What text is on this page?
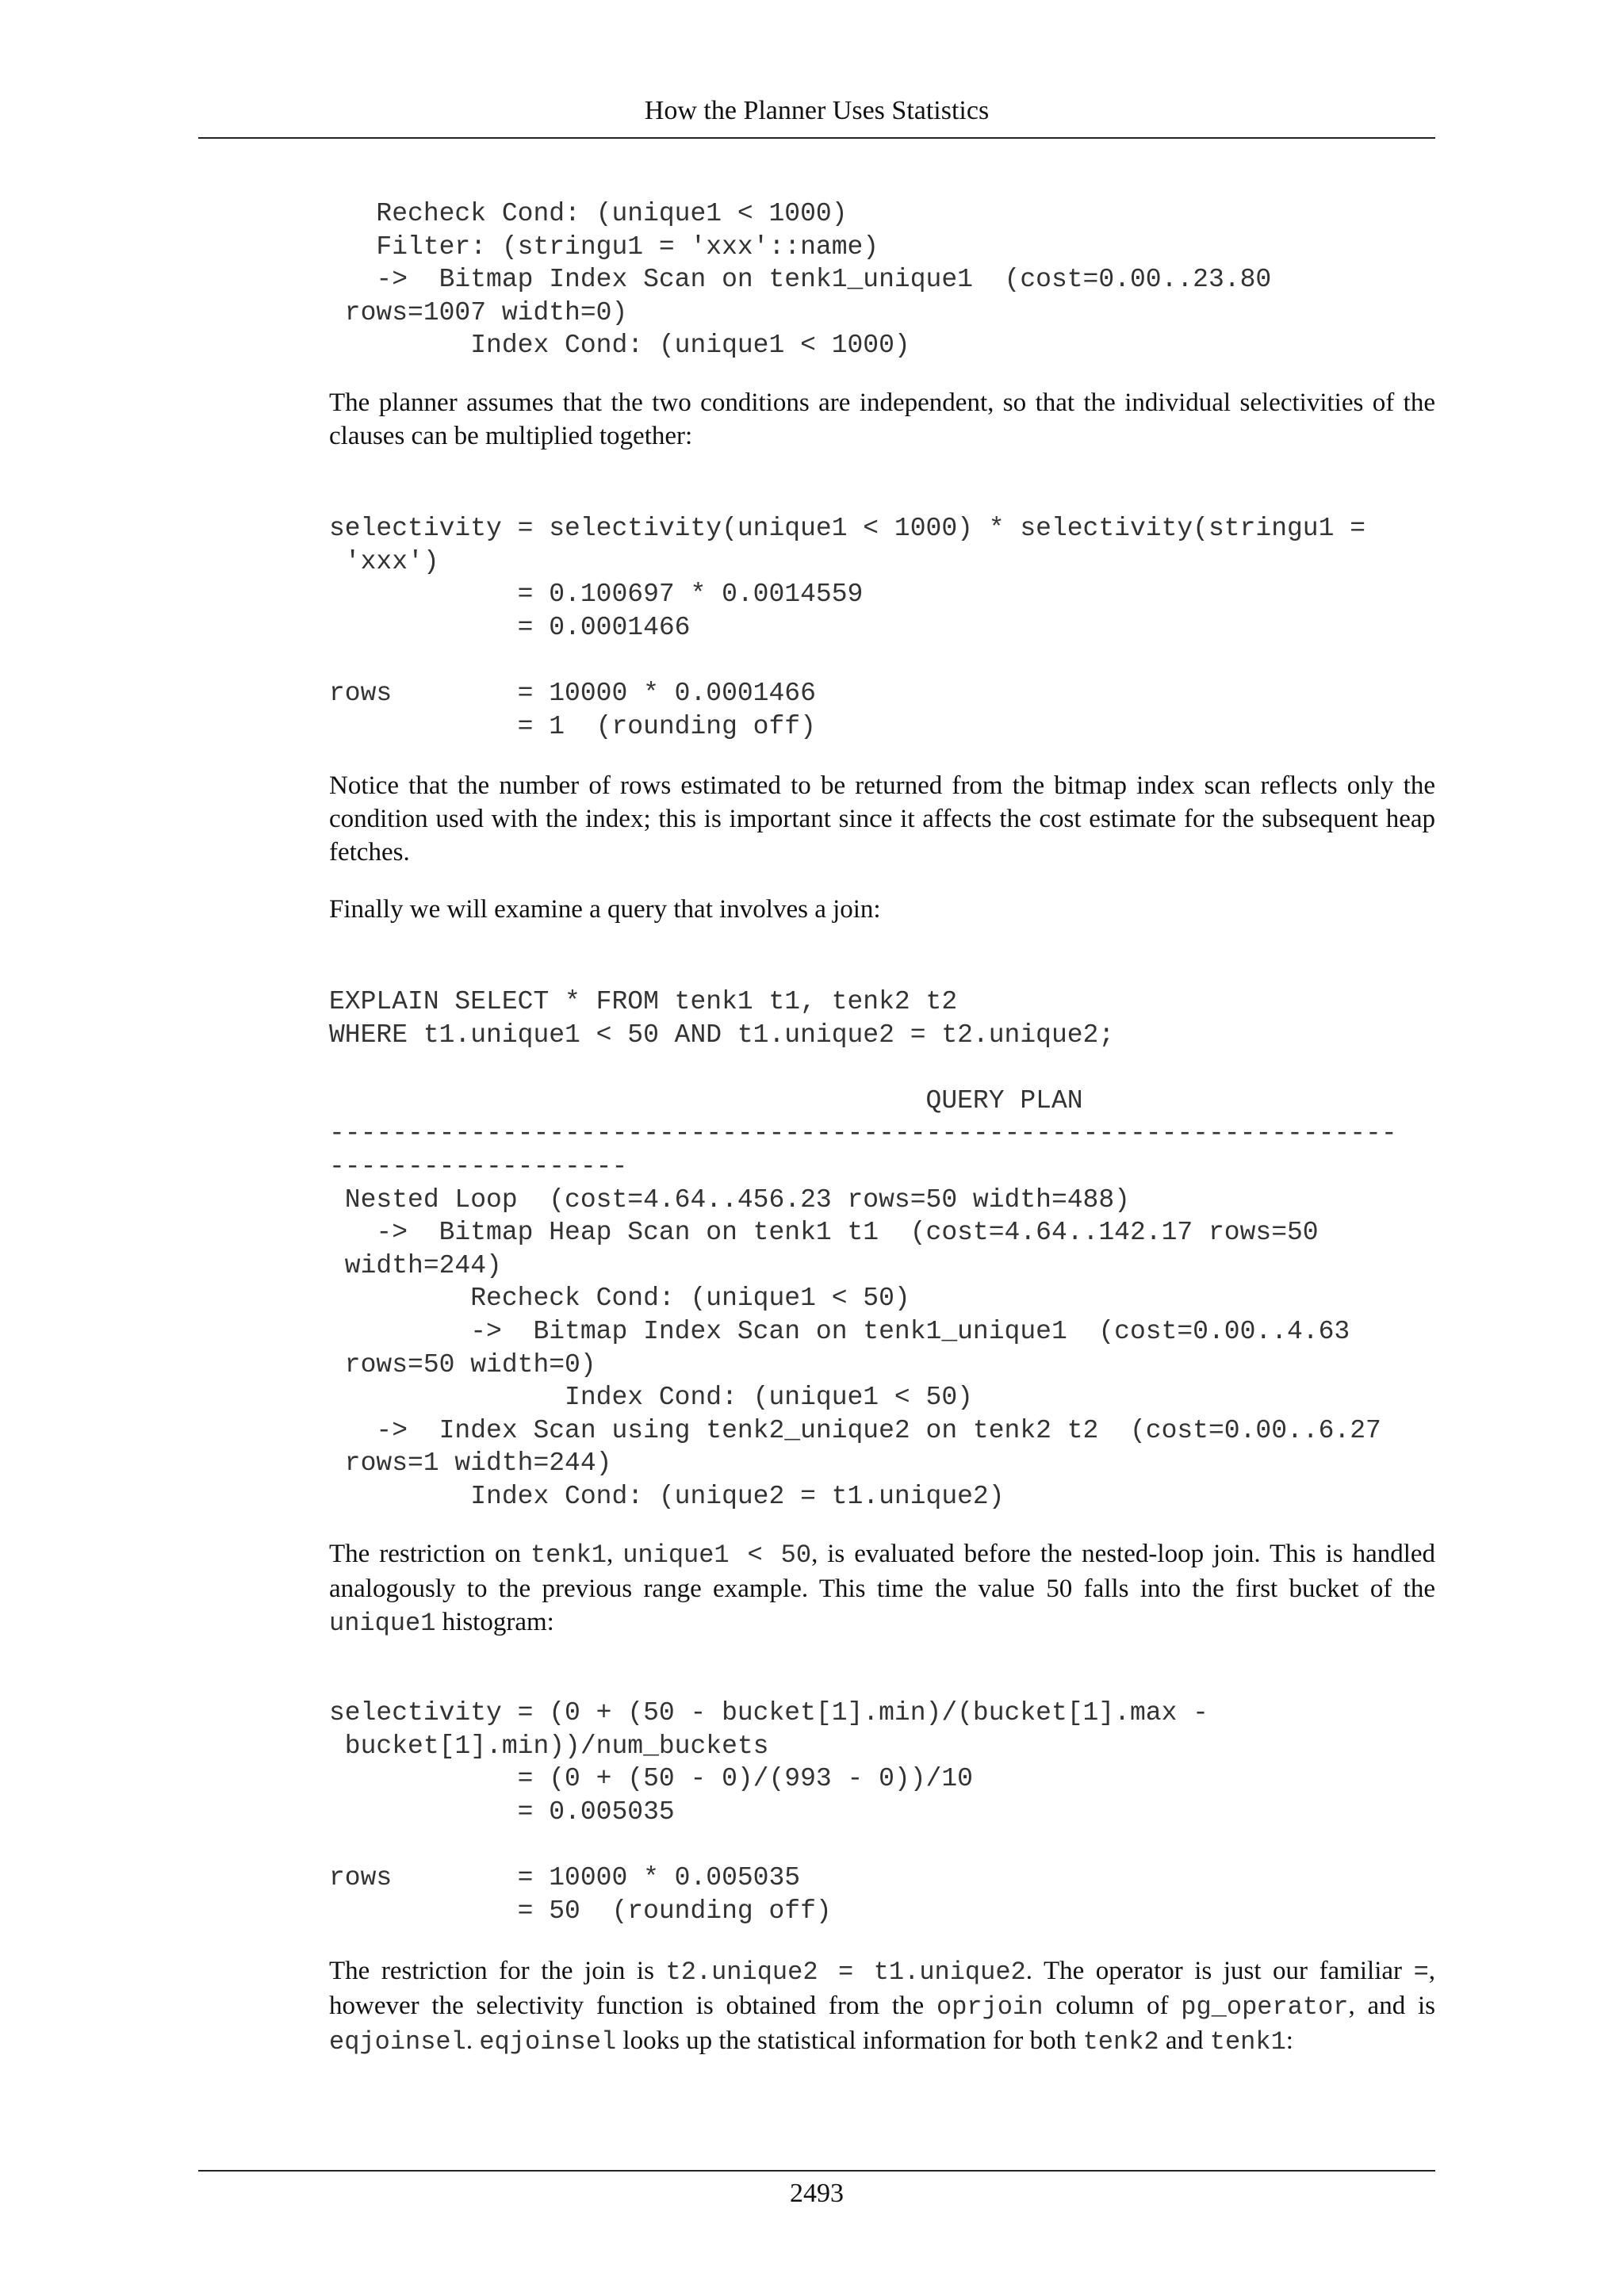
How the Planner Uses Statistics
Recheck Cond: (unique1 < 1000)
Filter: (stringu1 = 'xxx'::name)
->  Bitmap Index Scan on tenk1_unique1  (cost=0.00..23.80
rows=1007 width=0)
Index Cond: (unique1 < 1000)

The planner assumes that the two conditions are independent, so that the individual selectivities of the clauses can be multiplied together:

selectivity = selectivity(unique1 < 1000) * selectivity(stringu1 =
'xxx')
= 0.100697 * 0.0014559
= 0.0001466

rows        = 10000 * 0.0001466
= 1  (rounding off)

Notice that the number of rows estimated to be returned from the bitmap index scan reflects only the condition used with the index; this is important since it affects the cost estimate for the subsequent heap fetches.

Finally we will examine a query that involves a join:

EXPLAIN SELECT * FROM tenk1 t1, tenk2 t2
WHERE t1.unique1 < 50 AND t1.unique2 = t2.unique2;

QUERY PLAN
--------------------------------------------------------------------
-------------------
Nested Loop  (cost=4.64..456.23 rows=50 width=488)
->  Bitmap Heap Scan on tenk1 t1  (cost=4.64..142.17 rows=50
width=244)
Recheck Cond: (unique1 < 50)
->  Bitmap Index Scan on tenk1_unique1  (cost=0.00..4.63
rows=50 width=0)
Index Cond: (unique1 < 50)
->  Index Scan using tenk2_unique2 on tenk2 t2  (cost=0.00..6.27
rows=1 width=244)
Index Cond: (unique2 = t1.unique2)

The restriction on tenk1, unique1 < 50, is evaluated before the nested-loop join. This is handled analogously to the previous range example. This time the value 50 falls into the first bucket of the unique1 histogram:

selectivity = (0 + (50 - bucket[1].min)/(bucket[1].max -
bucket[1].min))/num_buckets
= (0 + (50 - 0)/(993 - 0))/10
= 0.005035

rows        = 10000 * 0.005035
= 50  (rounding off)

The restriction for the join is t2.unique2 = t1.unique2. The operator is just our familiar =, however the selectivity function is obtained from the oprjoin column of pg_operator, and is eqjoinsel. eqjoinsel looks up the statistical information for both tenk2 and tenk1:

2493
